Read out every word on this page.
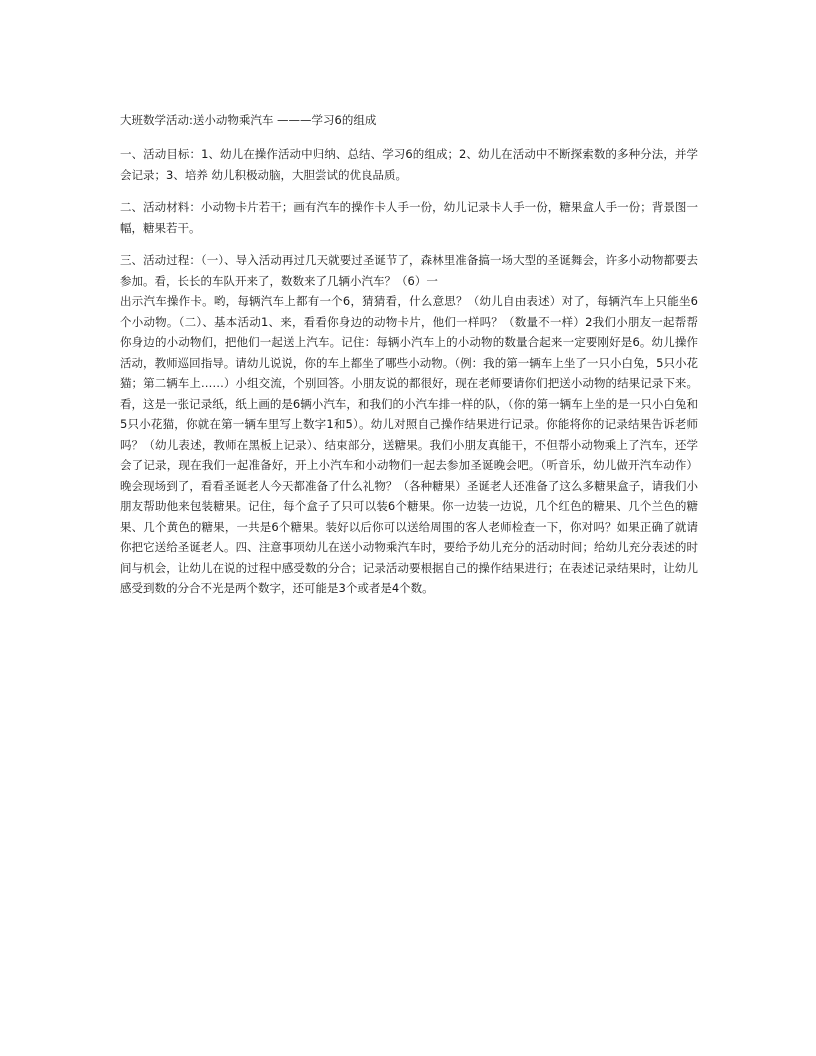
大班数学活动:送小动物乘汽车 ———学习6的组成

一、活动目标：1、幼儿在操作活动中归纳、总结、学习6的组成；2、幼儿在活动中不断探索数的多种分法，并学会记录；3、培养 幼儿积极动脑，大胆尝试的优良品质。

二、活动材料：小动物卡片若干；画有汽车的操作卡人手一份，幼儿记录卡人手一份，糖果盒人手一份；背景图一幅，糖果若干。

三、活动过程：（一）、导入活动再过几天就要过圣诞节了，森林里准备搞一场大型的圣诞舞会，许多小动物都要去参加。看，长长的车队开来了，数数来了几辆小汽车？（6）一

出示汽车操作卡。哟，每辆汽车上都有一个6，猜猜看，什么意思？（幼儿自由表述）对了，每辆汽车上只能坐6个小动物。（二）、基本活动1、来，看看你身边的动物卡片，他们一样吗？（数量不一样）2我们小朋友一起帮帮你身边的小动物们，把他们一起送上汽车。记住：每辆小汽车上的小动物的数量合起来一定要刚好是6。幼儿操作活动，教师巡回指导。请幼儿说说，你的车上都坐了哪些小动物。（例：我的第一辆车上坐了一只小白兔，5只小花猫；第二辆车上……）小组交流，个别回答。小朋友说的都很好，现在老师要请你们把送小动物的结果记录下来。看，这是一张记录纸，纸上画的是6辆小汽车，和我们的小汽车排一样的队，（你的第一辆车上坐的是一只小白兔和5只小花猫，你就在第一辆车里写上数字1和5）。幼儿对照自己操作结果进行记录。你能将你的记录结果告诉老师吗？（幼儿表述，教师在黑板上记录）、结束部分，送糖果。我们小朋友真能干，不但帮小动物乘上了汽车，还学会了记录，现在我们一起准备好，开上小汽车和小动物们一起去参加圣诞晚会吧。（听音乐，幼儿做开汽车动作）晚会现场到了，看看圣诞老人今天都准备了什么礼物？（各种糖果）圣诞老人还准备了这么多糖果盒子，请我们小朋友帮助他来包装糖果。记住，每个盒子了只可以装6个糖果。你一边装一边说，几个红色的糖果、几个兰色的糖果、几个黄色的糖果，一共是6个糖果。装好以后你可以送给周围的客人老师检查一下，你对吗？如果正确了就请你把它送给圣诞老人。四、注意事项幼儿在送小动物乘汽车时，要给予幼儿充分的活动时间；给幼儿充分表述的时间与机会，让幼儿在说的过程中感受数的分合；记录活动要根据自己的操作结果进行；在表述记录结果时，让幼儿感受到数的分合不光是两个数字，还可能是3个或者是4个数。
